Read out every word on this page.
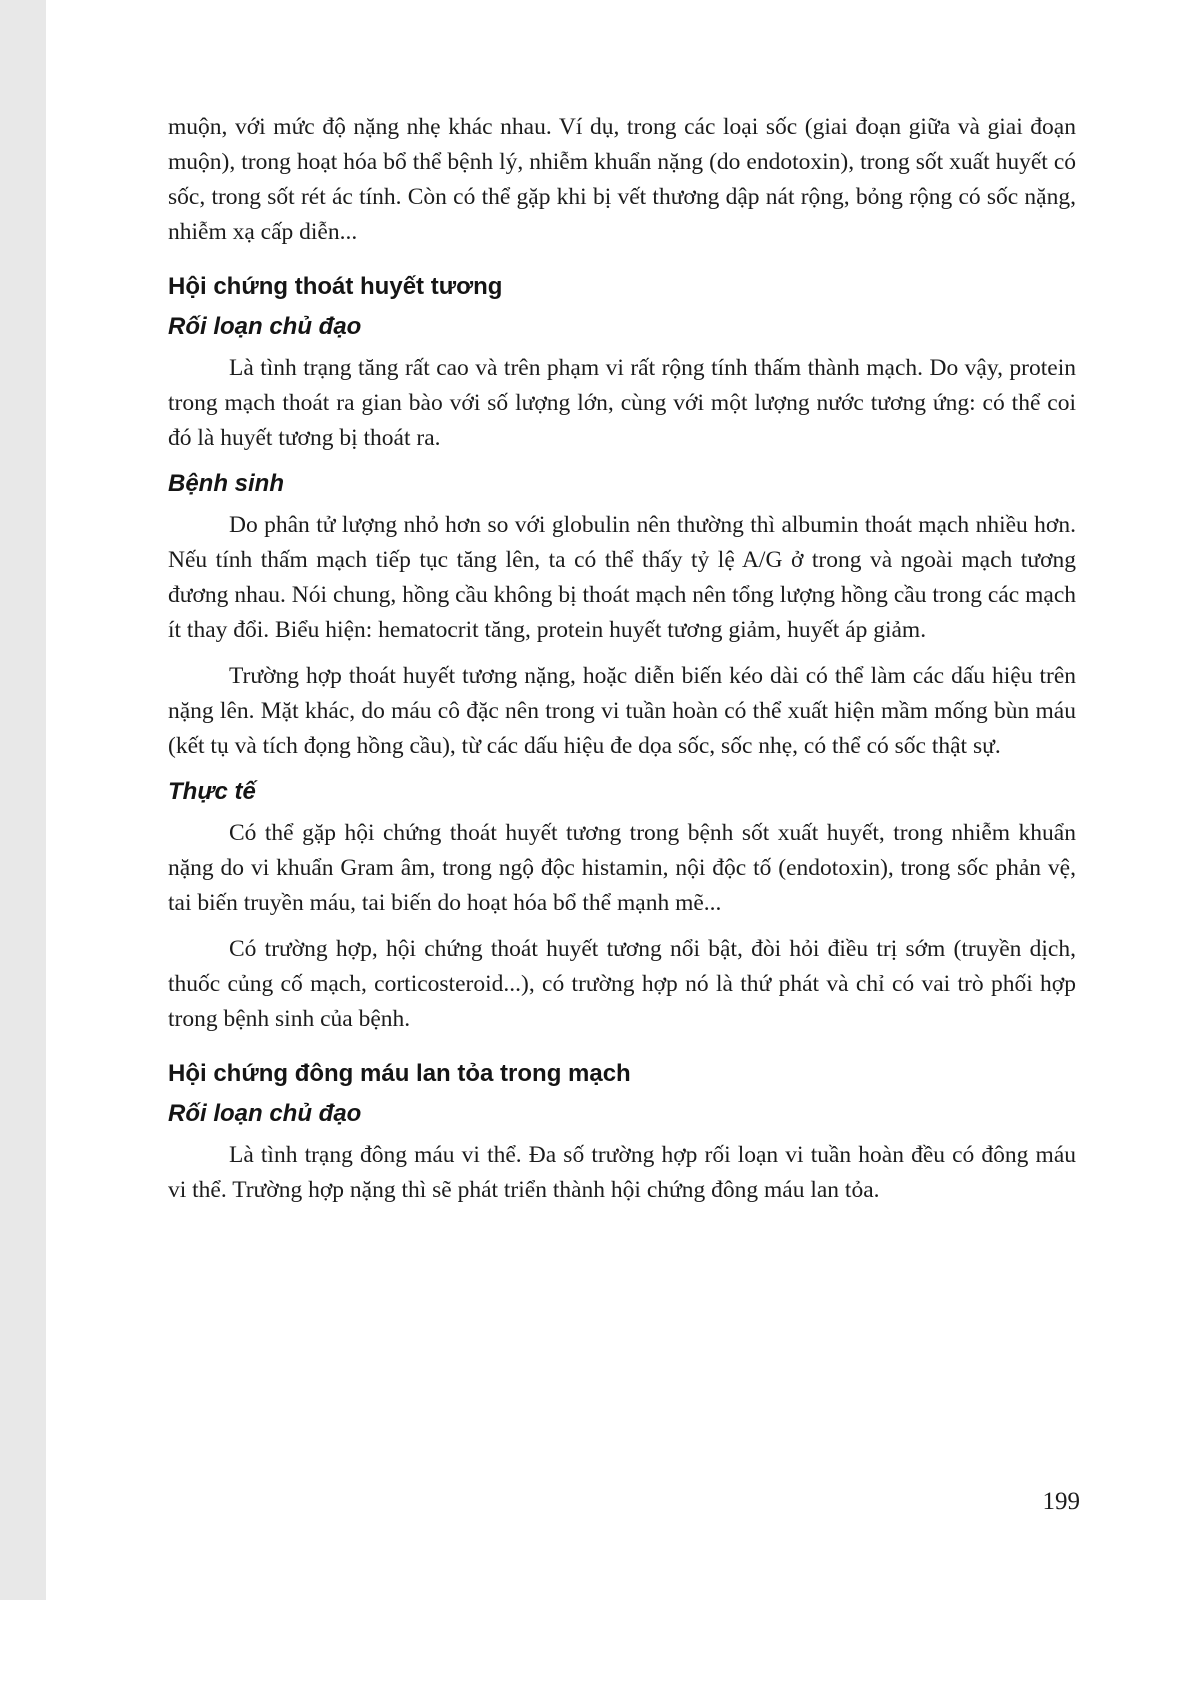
muộn, với mức độ nặng nhẹ khác nhau. Ví dụ, trong các loại sốc (giai đoạn giữa và giai đoạn muộn), trong hoạt hóa bổ thể bệnh lý, nhiễm khuẩn nặng (do endotoxin), trong sốt xuất huyết có sốc, trong sốt rét ác tính. Còn có thể gặp khi bị vết thương dập nát rộng, bỏng rộng có sốc nặng, nhiễm xạ cấp diễn...

Hội chứng thoát huyết tương
Rối loạn chủ đạo

Là tình trạng tăng rất cao và trên phạm vi rất rộng tính thấm thành mạch. Do vậy, protein trong mạch thoát ra gian bào với số lượng lớn, cùng với một lượng nước tương ứng: có thể coi đó là huyết tương bị thoát ra.

Bệnh sinh

Do phân tử lượng nhỏ hơn so với globulin nên thường thì albumin thoát mạch nhiều hơn. Nếu tính thấm mạch tiếp tục tăng lên, ta có thể thấy tỷ lệ A/G ở trong và ngoài mạch tương đương nhau. Nói chung, hồng cầu không bị thoát mạch nên tổng lượng hồng cầu trong các mạch ít thay đổi. Biểu hiện: hematocrit tăng, protein huyết tương giảm, huyết áp giảm.

Trường hợp thoát huyết tương nặng, hoặc diễn biến kéo dài có thể làm các dấu hiệu trên nặng lên. Mặt khác, do máu cô đặc nên trong vi tuần hoàn có thể xuất hiện mầm mống bùn máu (kết tụ và tích đọng hồng cầu), từ các dấu hiệu đe dọa sốc, sốc nhẹ, có thể có sốc thật sự.

Thực tế

Có thể gặp hội chứng thoát huyết tương trong bệnh sốt xuất huyết, trong nhiễm khuẩn nặng do vi khuẩn Gram âm, trong ngộ độc histamin, nội độc tố (endotoxin), trong sốc phản vệ, tai biến truyền máu, tai biến do hoạt hóa bổ thể mạnh mẽ...

Có trường hợp, hội chứng thoát huyết tương nổi bật, đòi hỏi điều trị sớm (truyền dịch, thuốc củng cố mạch, corticosteroid...), có trường hợp nó là thứ phát và chỉ có vai trò phối hợp trong bệnh sinh của bệnh.

Hội chứng đông máu lan tỏa trong mạch
Rối loạn chủ đạo

Là tình trạng đông máu vi thể. Đa số trường hợp rối loạn vi tuần hoàn đều có đông máu vi thể. Trường hợp nặng thì sẽ phát triển thành hội chứng đông máu lan tỏa.

199
